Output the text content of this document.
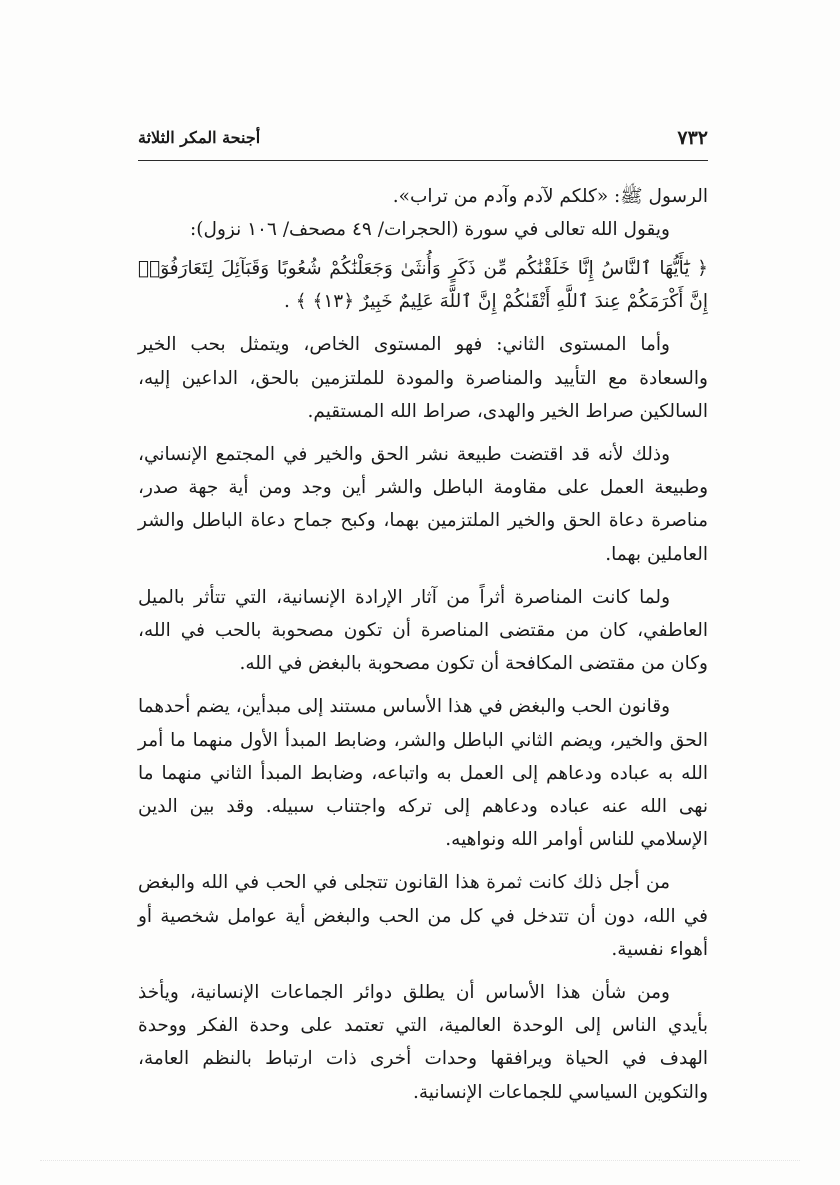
٧٣٢
أجنحة المكر الثلاثة

الرسول ﷺ: «كلكم لآدم وآدم من تراب».

ويقول الله تعالى في سورة (الحجرات/ ٤٩ مصحف/ ١٠٦ نزول):

﴿ يَٰٓأَيُّهَا ٱلنَّاسُ إِنَّا خَلَقْنَٰكُم مِّن ذَكَرٍ وَأُنثَىٰ وَجَعَلْنَٰكُمْ شُعُوبًا وَقَبَآئِلَ لِتَعَارَفُوٓا۟ إِنَّ أَكْرَمَكُمْ عِندَ ٱللَّهِ أَتْقَىٰكُمْ إِنَّ ٱللَّهَ عَلِيمٌ خَبِيرٌ ﴿١٣﴾ ﴾ .

وأما المستوى الثاني: فهو المستوى الخاص، ويتمثل بحب الخير والسعادة مع التأييد والمناصرة والمودة للملتزمين بالحق، الداعين إليه، السالكين صراط الخير والهدى، صراط الله المستقيم.

وذلك لأنه قد اقتضت طبيعة نشر الحق والخير في المجتمع الإنساني، وطبيعة العمل على مقاومة الباطل والشر أين وجد ومن أية جهة صدر، مناصرة دعاة الحق والخير الملتزمين بهما، وكبح جماح دعاة الباطل والشر العاملين بهما.

ولما كانت المناصرة أثراً من آثار الإرادة الإنسانية، التي تتأثر بالميل العاطفي، كان من مقتضى المناصرة أن تكون مصحوبة بالحب في الله، وكان من مقتضى المكافحة أن تكون مصحوبة بالبغض في الله.

وقانون الحب والبغض في هذا الأساس مستند إلى مبدأين، يضم أحدهما الحق والخير، ويضم الثاني الباطل والشر، وضابط المبدأ الأول منهما ما أمر الله به عباده ودعاهم إلى العمل به واتباعه، وضابط المبدأ الثاني منهما ما نهى الله عنه عباده ودعاهم إلى تركه واجتناب سبيله. وقد بين الدين الإسلامي للناس أوامر الله ونواهيه.

من أجل ذلك كانت ثمرة هذا القانون تتجلى في الحب في الله والبغض في الله، دون أن تتدخل في كل من الحب والبغض أية عوامل شخصية أو أهواء نفسية.

ومن شأن هذا الأساس أن يطلق دوائر الجماعات الإنسانية، ويأخذ بأيدي الناس إلى الوحدة العالمية، التي تعتمد على وحدة الفكر ووحدة الهدف في الحياة ويرافقها وحدات أخرى ذات ارتباط بالنظم العامة، والتكوين السياسي للجماعات الإنسانية.
